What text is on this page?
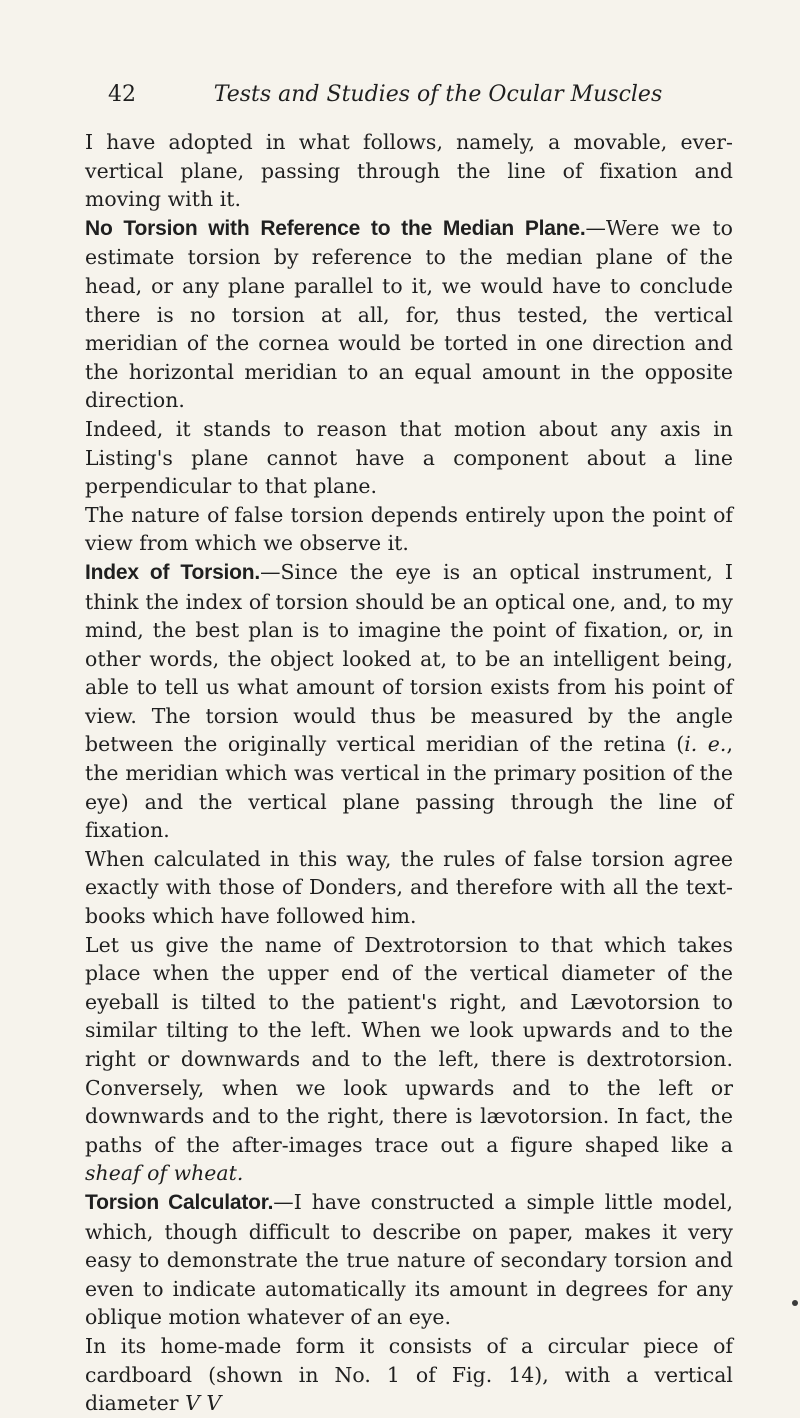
42	Tests and Studies of the Ocular Muscles

I have adopted in what follows, namely, a movable, ever-vertical plane, passing through the line of fixation and moving with it.

No Torsion with Reference to the Median Plane.—Were we to estimate torsion by reference to the median plane of the head, or any plane parallel to it, we would have to conclude there is no torsion at all, for, thus tested, the vertical meridian of the cornea would be torted in one direction and the horizontal meridian to an equal amount in the opposite direction.

Indeed, it stands to reason that motion about any axis in Listing's plane cannot have a component about a line perpendicular to that plane.

The nature of false torsion depends entirely upon the point of view from which we observe it.

Index of Torsion.—Since the eye is an optical instrument, I think the index of torsion should be an optical one, and, to my mind, the best plan is to imagine the point of fixation, or, in other words, the object looked at, to be an intelligent being, able to tell us what amount of torsion exists from his point of view. The torsion would thus be measured by the angle between the originally vertical meridian of the retina (i. e., the meridian which was vertical in the primary position of the eye) and the vertical plane passing through the line of fixation.

When calculated in this way, the rules of false torsion agree exactly with those of Donders, and therefore with all the text-books which have followed him.

Let us give the name of Dextrotorsion to that which takes place when the upper end of the vertical diameter of the eyeball is tilted to the patient's right, and Lævotorsion to similar tilting to the left. When we look upwards and to the right or downwards and to the left, there is dextrotorsion. Conversely, when we look upwards and to the left or downwards and to the right, there is lævotorsion. In fact, the paths of the after-images trace out a figure shaped like a sheaf of wheat.

Torsion Calculator.—I have constructed a simple little model, which, though difficult to describe on paper, makes it very easy to demonstrate the true nature of secondary torsion and even to indicate automatically its amount in degrees for any oblique motion whatever of an eye.

In its home-made form it consists of a circular piece of cardboard (shown in No. 1 of Fig. 14), with a vertical diameter V V
